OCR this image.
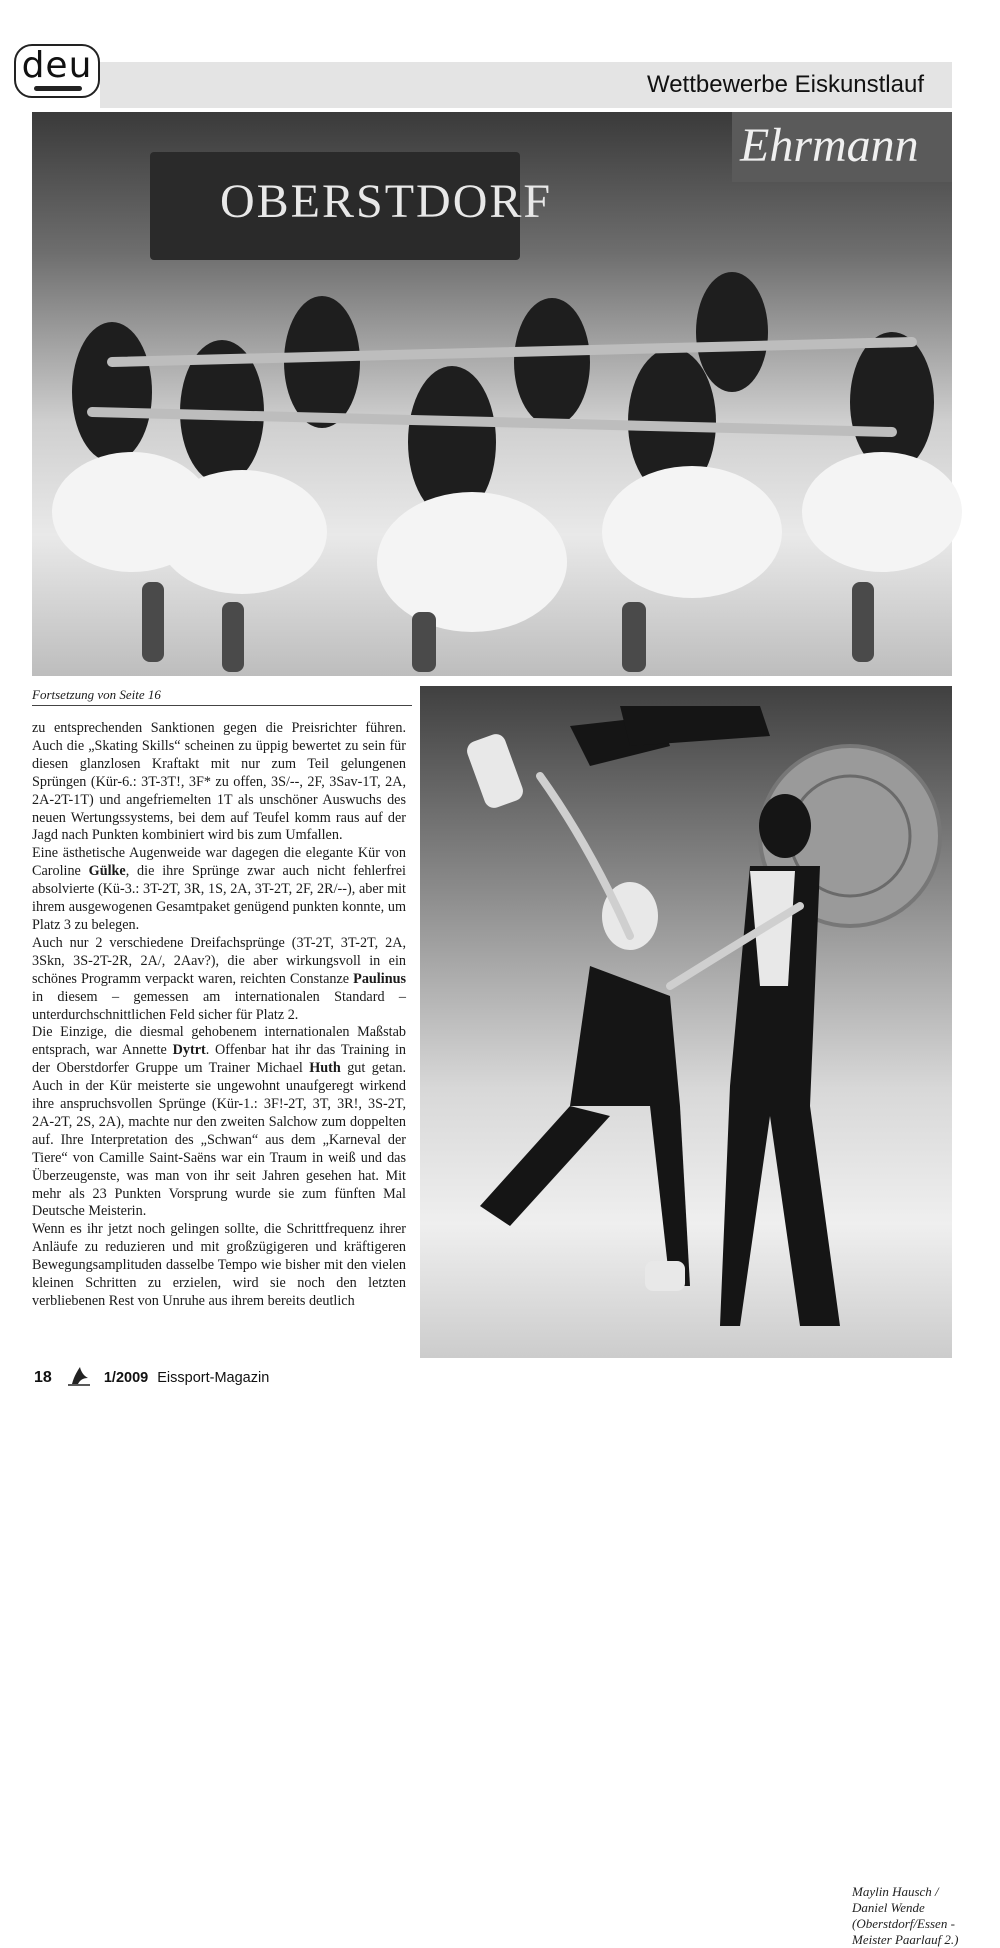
deu	Wettbewerbe Eiskunstlauf
OBERSTDORF
Ehrmann
Fortsetzung von Seite 16

zu entsprechenden Sanktionen gegen die Preisrichter führen. Auch die „Skating Skills“ scheinen zu üppig bewertet zu sein für diesen glanzlosen Kraftakt mit nur zum Teil gelungenen Sprüngen (Kür-6.: 3T-3T!, 3F* zu offen, 3S/--, 2F, 3Sav-1T, 2A, 2A-2T-1T) und angefriemelten 1T als unschöner Auswuchs des neuen Wertungssystems, bei dem auf Teufel komm raus auf der Jagd nach Punkten kombiniert wird bis zum Umfallen.

Eine ästhetische Augenweide war dagegen die elegante Kür von Caroline Gülke, die ihre Sprünge zwar auch nicht fehlerfrei absolvierte (Kü-3.: 3T-2T, 3R, 1S, 2A, 3T-2T, 2F, 2R/--), aber mit ihrem ausgewogenen Gesamtpaket genügend punkten konnte, um Platz 3 zu belegen.

Auch nur 2 verschiedene Dreifachsprünge (3T-2T, 3T-2T, 2A, 3Skn, 3S-2T-2R, 2A/, 2Aav?), die aber wirkungsvoll in ein schönes Programm verpackt waren, reichten Constanze Paulinus in diesem – gemessen am internationalen Standard – unterdurchschnittlichen Feld sicher für Platz 2.

Die Einzige, die diesmal gehobenem internationalen Maßstab entsprach, war Annette Dytrt. Offenbar hat ihr das Training in der Oberstdorfer Gruppe um Trainer Michael Huth gut getan. Auch in der Kür meisterte sie ungewohnt unaufgeregt wirkend ihre anspruchsvollen Sprünge (Kür-1.: 3F!-2T, 3T, 3R!, 3S-2T, 2A-2T, 2S, 2A), machte nur den zweiten Salchow zum doppelten auf. Ihre Interpretation des „Schwan“ aus dem „Karneval der Tiere“ von Camille Saint-Saëns war ein Traum in weiß und das Überzeugenste, was man von ihr seit Jahren gesehen hat. Mit mehr als 23 Punkten Vorsprung wurde sie zum fünften Mal Deutsche Meisterin.

Wenn es ihr jetzt noch gelingen sollte, die Schrittfrequenz ihrer Anläufe zu reduzieren und mit großzügigeren und kräftigeren Bewegungsamplituden dasselbe Tempo wie bisher mit den vielen kleinen Schritten zu erzielen, wird sie noch den letzten verbliebenen Rest von Unruhe aus ihrem bereits deutlich

Maylin Hausch / Daniel Wende (Oberstdorf/Essen - Meister Paarlauf 2.)
18	1/2009 Eissport-Magazin
